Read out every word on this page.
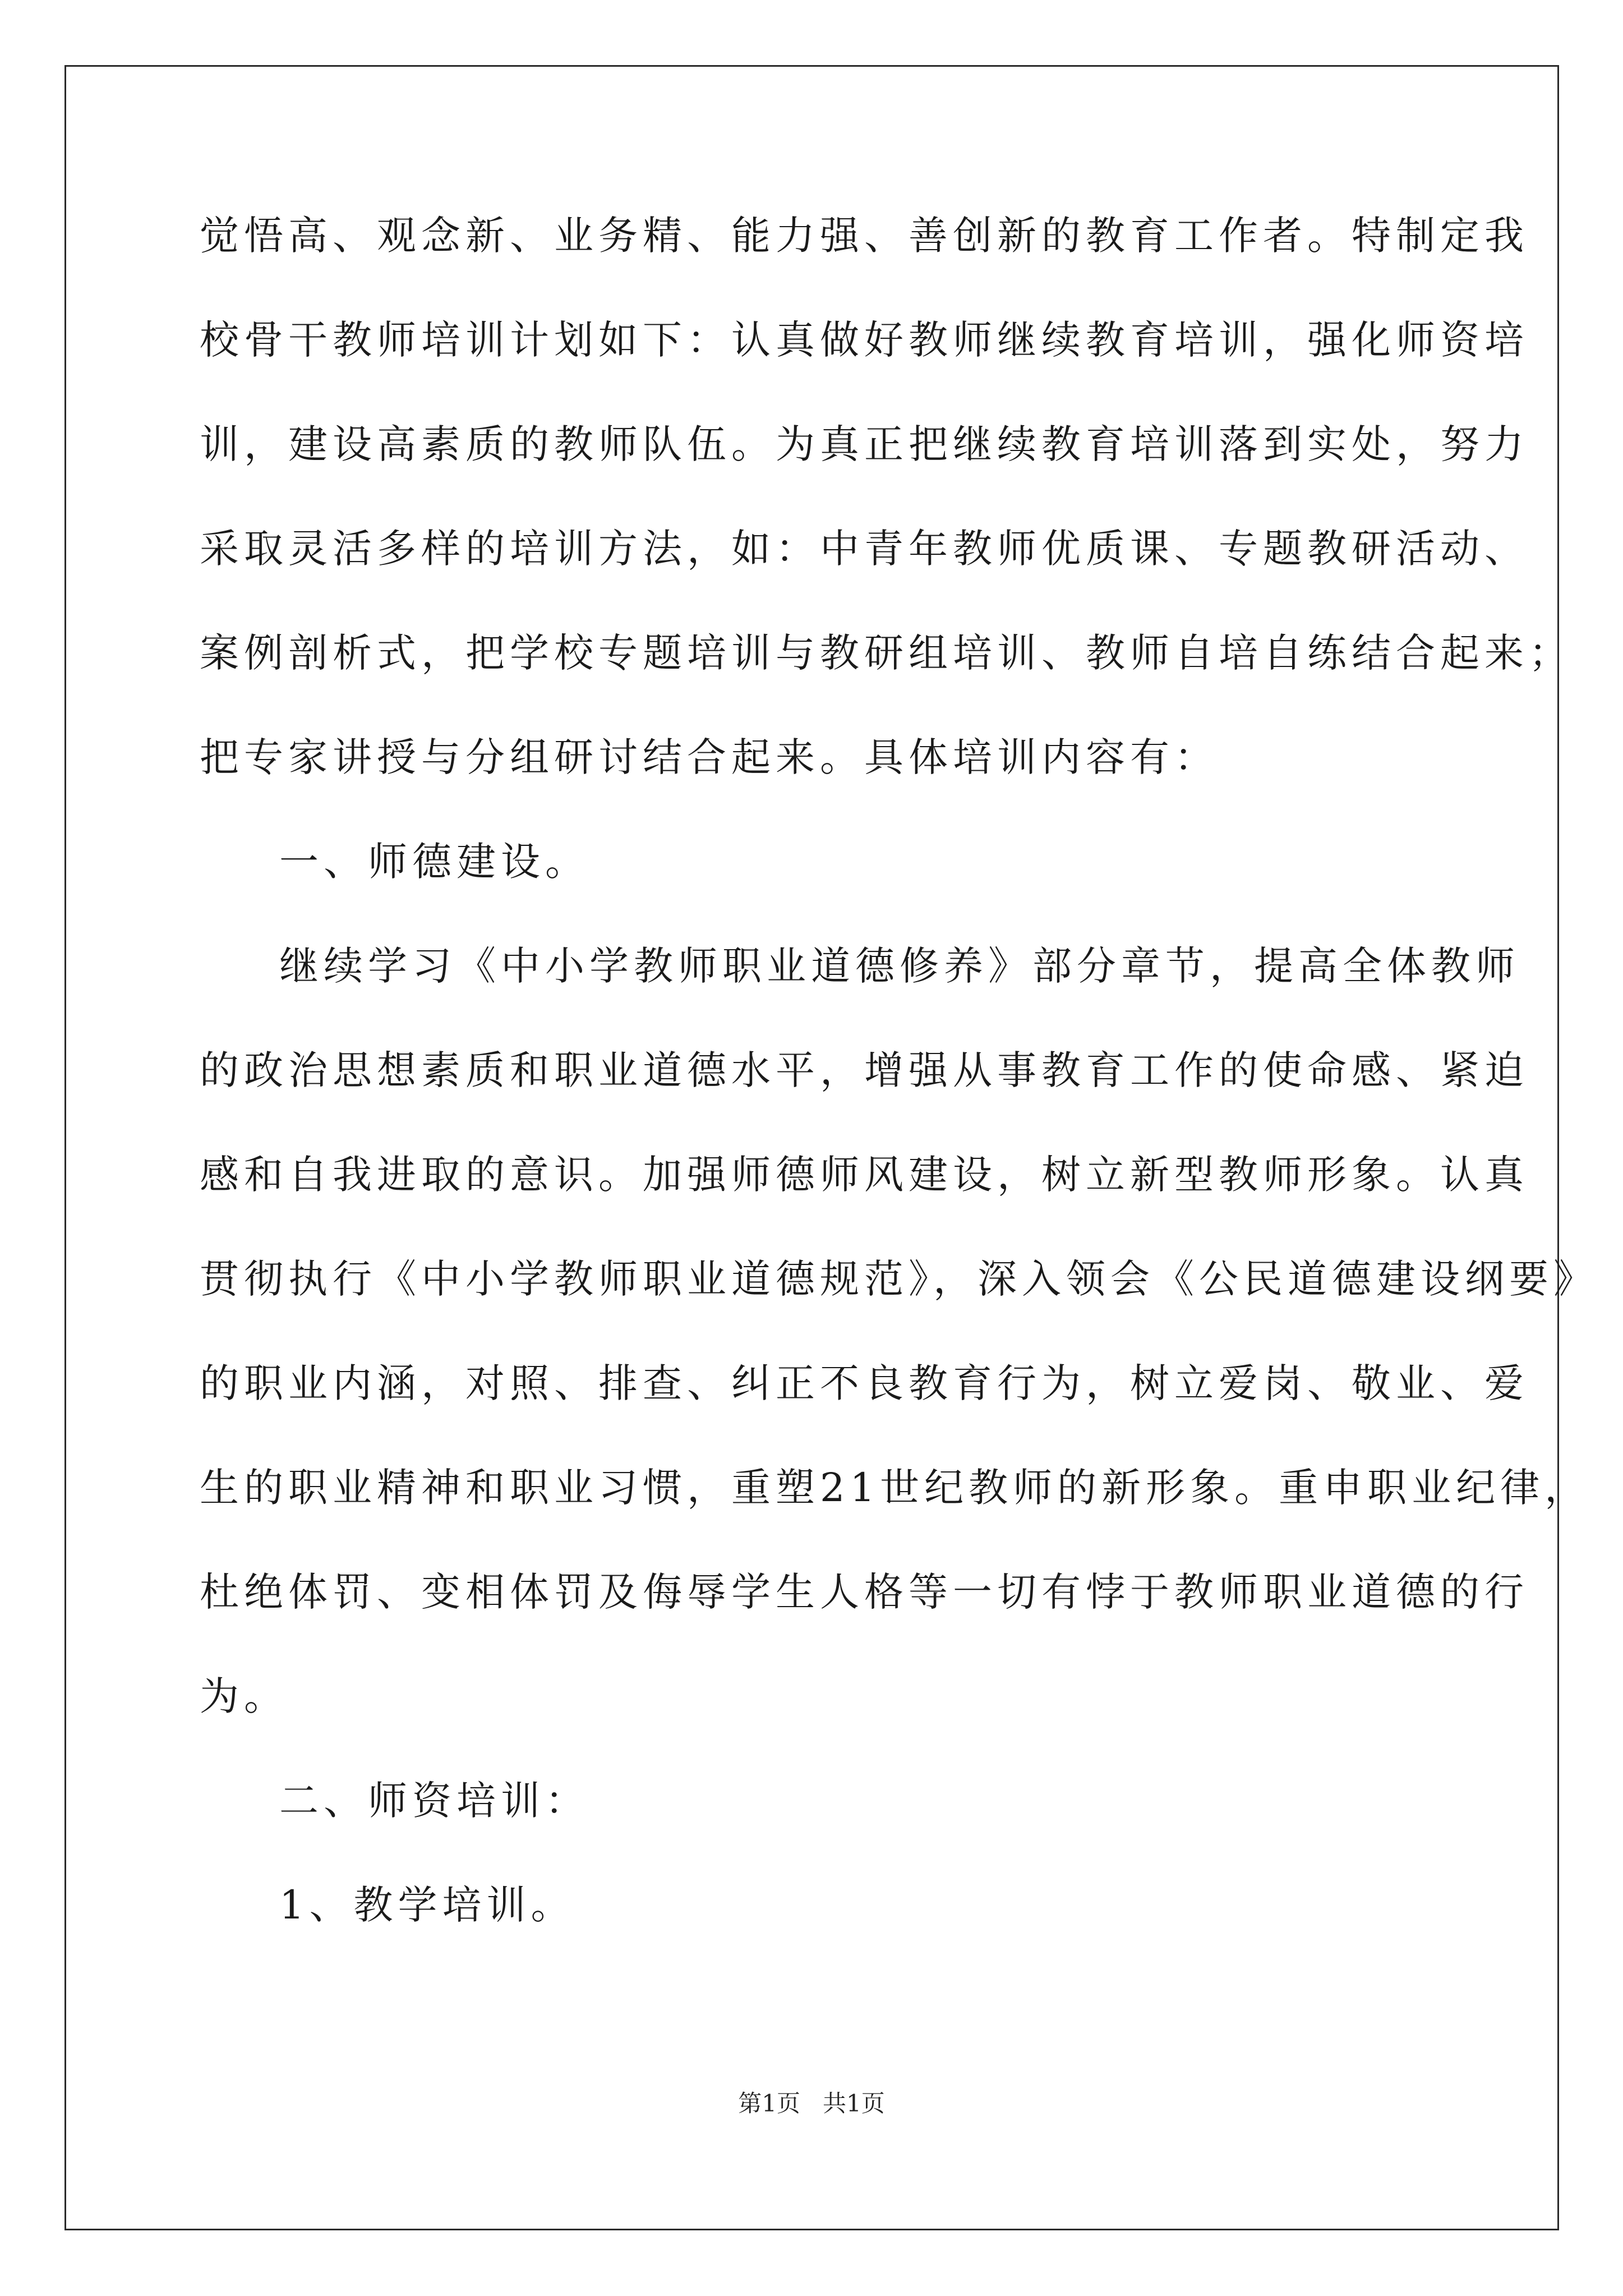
觉悟高、观念新、业务精、能力强、善创新的教育工作者。特制定我
校骨干教师培训计划如下：认真做好教师继续教育培训，强化师资培
训，建设高素质的教师队伍。为真正把继续教育培训落到实处，努力
采取灵活多样的培训方法，如：中青年教师优质课、专题教研活动、
案例剖析式，把学校专题培训与教研组培训、教师自培自练结合起来；
把专家讲授与分组研讨结合起来。具体培训内容有：
一、师德建设。
继续学习《中小学教师职业道德修养》部分章节，提高全体教师
的政治思想素质和职业道德水平，增强从事教育工作的使命感、紧迫
感和自我进取的意识。加强师德师风建设，树立新型教师形象。认真
贯彻执行《中小学教师职业道德规范》，深入领会《公民道德建设纲要》
的职业内涵，对照、排查、纠正不良教育行为，树立爱岗、敬业、爱
生的职业精神和职业习惯，重塑21世纪教师的新形象。重申职业纪律，
杜绝体罚、变相体罚及侮辱学生人格等一切有悖于教师职业道德的行
为。
二、师资培训：
1、教学培训。
第1页   共1页
